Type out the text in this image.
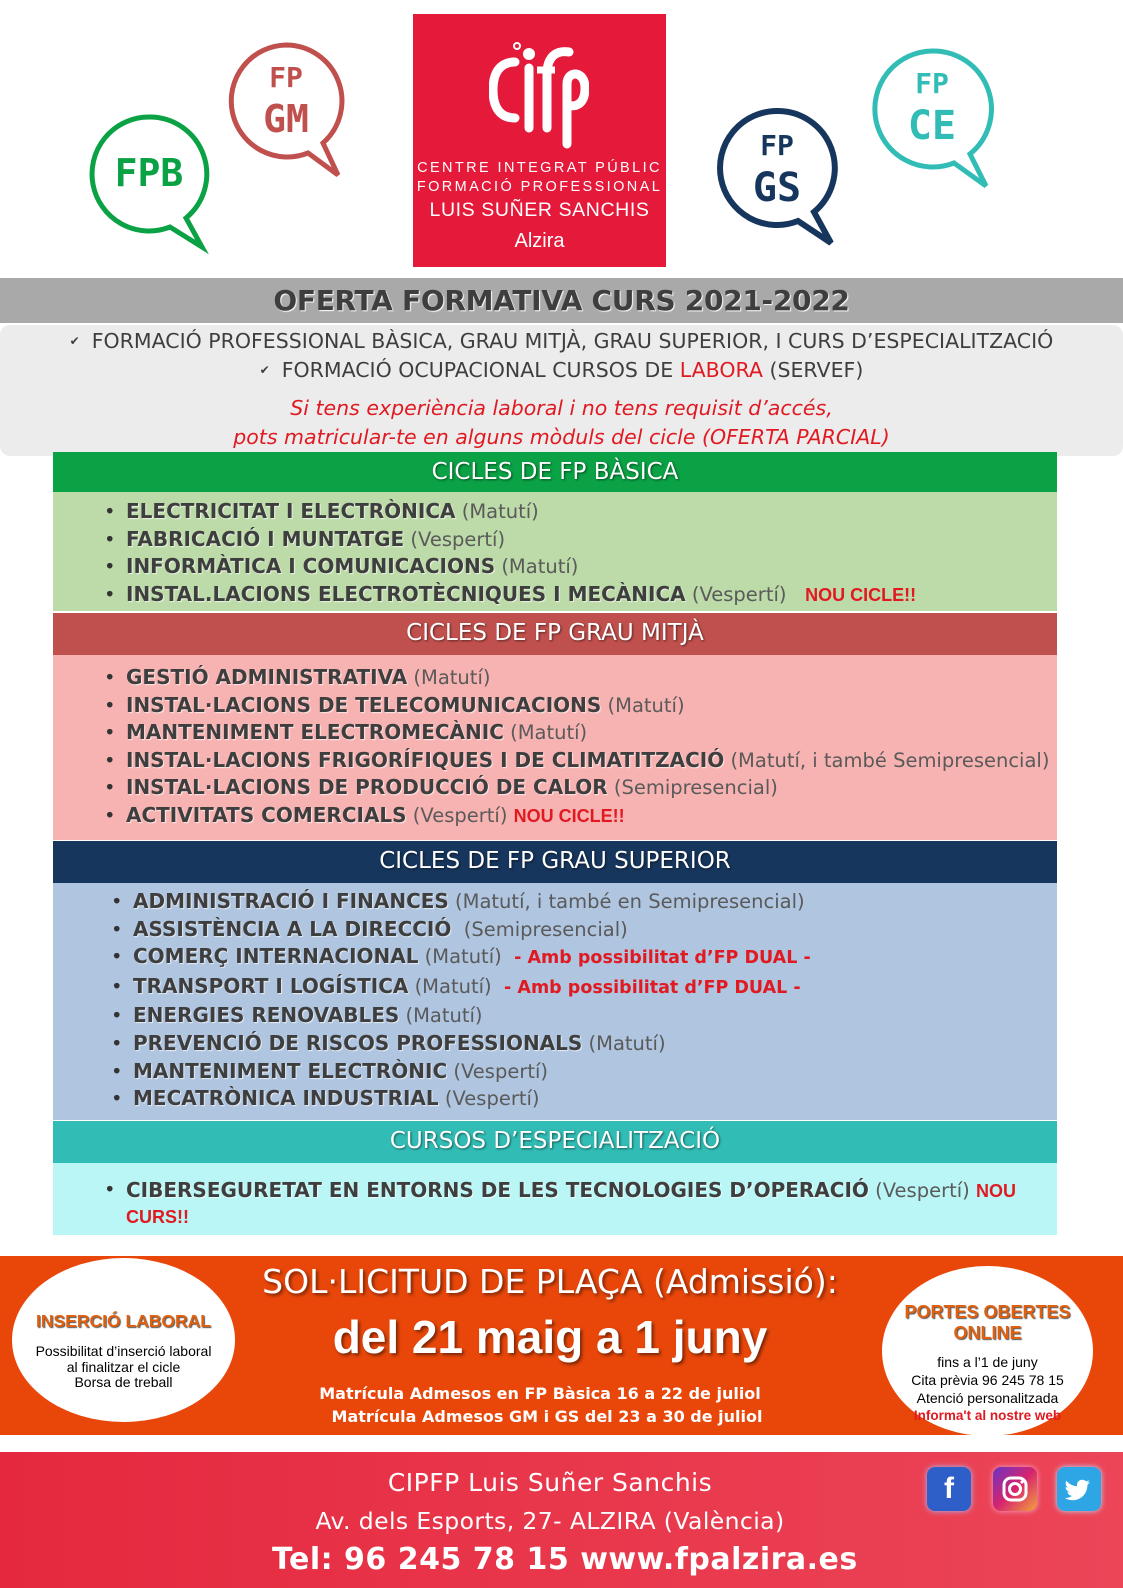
FPB
FP
GM
FP
GS
FP
CE
CENTRE INTEGRAT PÚBLIC
FORMACIÓ PROFESSIONAL
LUIS SUÑER SANCHIS
Alzira
OFERTA FORMATIVA CURS 2021-2022
✔ FORMACIÓ PROFESSIONAL BÀSICA, GRAU MITJÀ, GRAU SUPERIOR, I CURS D’ESPECIALITZACIÓ
✔ FORMACIÓ OCUPACIONAL CURSOS DE LABORA (SERVEF)
Si tens experiència laboral i no tens requisit d’accés,
pots matricular-te en alguns mòduls del cicle (OFERTA PARCIAL)
CICLES DE FP BÀSICA
• ELECTRICITAT I ELECTRÒNICA (Matutí)
• FABRICACIÓ I MUNTATGE (Vespertí)
• INFORMÀTICA I COMUNICACIONS (Matutí)
• INSTAL.LACIONS ELECTROTÈCNIQUES I MECÀNICA (Vespertí) NOU CICLE!!
CICLES DE FP GRAU MITJÀ
• GESTIÓ ADMINISTRATIVA (Matutí)
• INSTAL·LACIONS DE TELECOMUNICACIONS (Matutí)
• MANTENIMENT ELECTROMECÀNIC (Matutí)
• INSTAL·LACIONS FRIGORÍFIQUES I DE CLIMATITZACIÓ (Matutí, i també Semipresencial)
• INSTAL·LACIONS DE PRODUCCIÓ DE CALOR (Semipresencial)
• ACTIVITATS COMERCIALS (Vespertí) NOU CICLE!!
CICLES DE FP GRAU SUPERIOR
• ADMINISTRACIÓ I FINANCES (Matutí, i també en Semipresencial)
• ASSISTÈNCIA A LA DIRECCIÓ (Semipresencial)
• COMERÇ INTERNACIONAL (Matutí) - Amb possibilitat d’FP DUAL -
• TRANSPORT I LOGÍSTICA (Matutí) - Amb possibilitat d’FP DUAL -
• ENERGIES RENOVABLES (Matutí)
• PREVENCIÓ DE RISCOS PROFESSIONALS (Matutí)
• MANTENIMENT ELECTRÒNIC (Vespertí)
• MECATRÒNICA INDUSTRIAL (Vespertí)
CURSOS D’ESPECIALITZACIÓ
• CIBERSEGURETAT EN ENTORNS DE LES TECNOLOGIES D’OPERACIÓ (Vespertí) NOU
CURS!!
INSERCIÓ LABORAL
Possibilitat d’inserció laboral
al finalitzar el cicle
Borsa de treball
SOL·LICITUD DE PLAÇA (Admissió):
del 21 maig a 1 juny
Matrícula Admesos en FP Bàsica 16 a 22 de juliol
Matrícula Admesos GM i GS del 23 a 30 de juliol
PORTES OBERTES
ONLINE
fins a l’1 de juny
Cita prèvia 96 245 78 15
Atenció personalitzada
Informa't al nostre web
CIPFP Luis Suñer Sanchis
Av. dels Esports, 27- ALZIRA (València)
Tel: 96 245 78 15 www.fpalzira.es
f
